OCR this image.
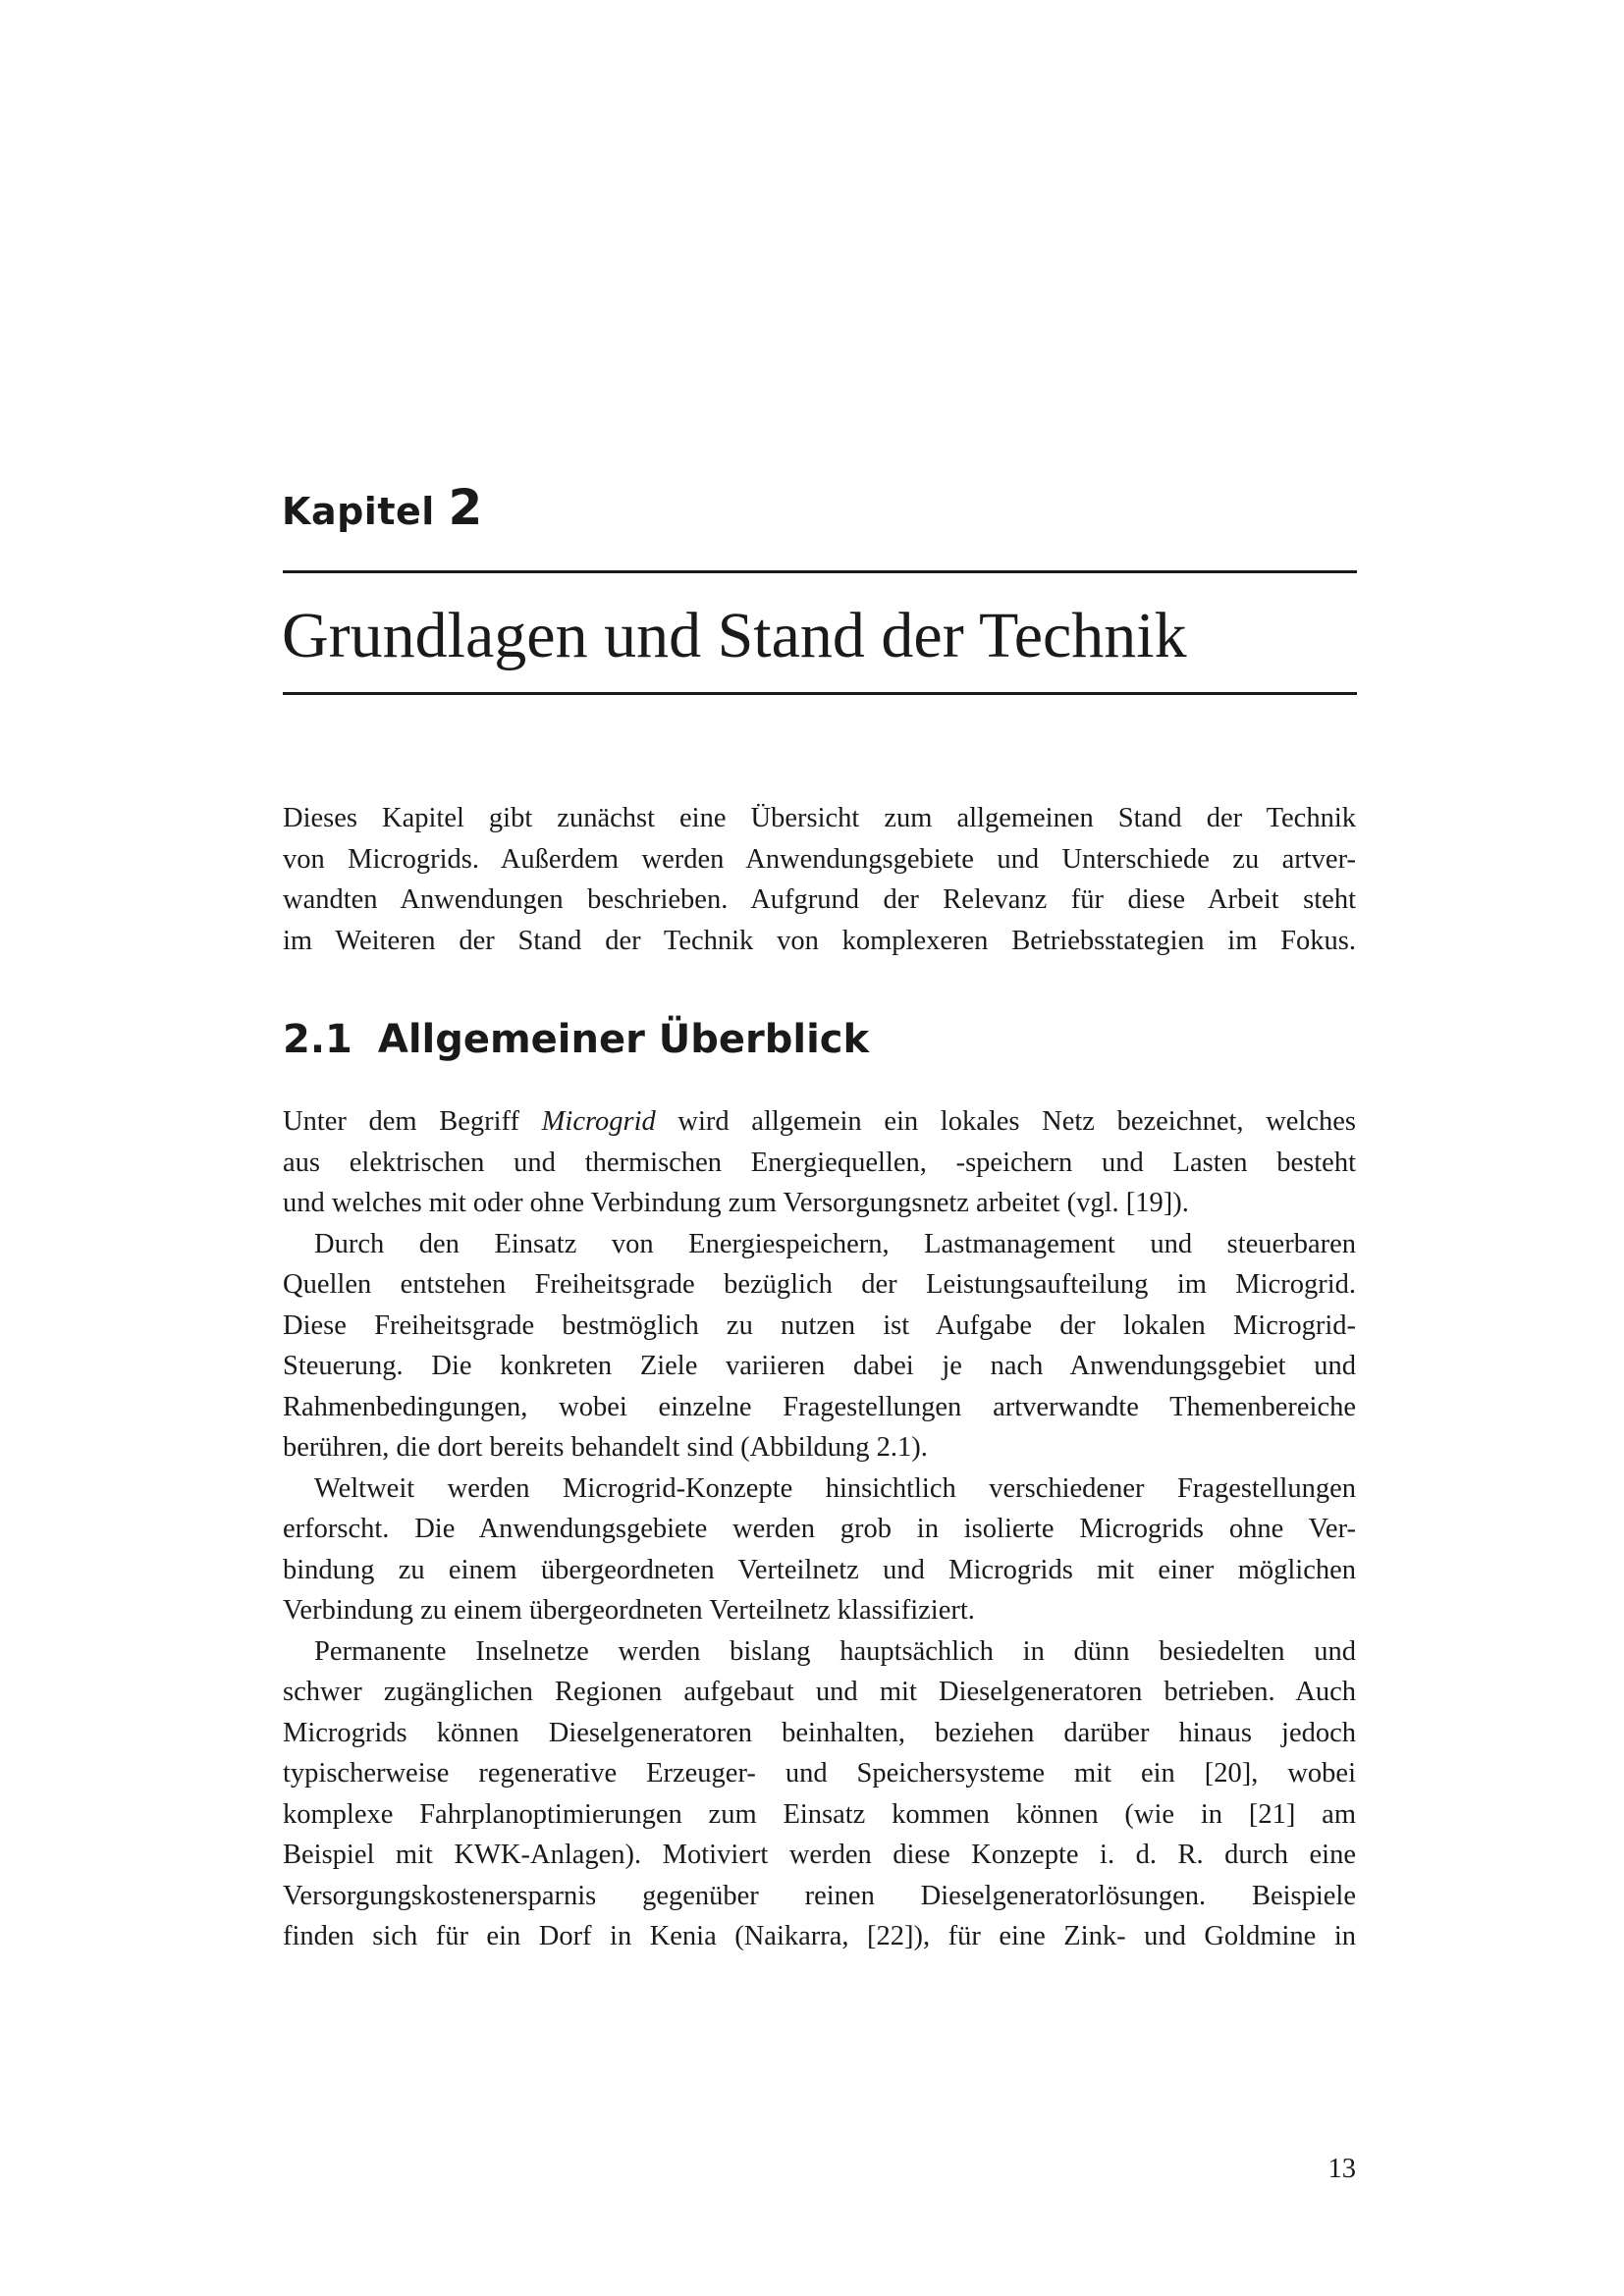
Kapitel 2
Grundlagen und Stand der Technik
Dieses Kapitel gibt zunächst eine Übersicht zum allgemeinen Stand der Technik
von Microgrids. Außerdem werden Anwendungsgebiete und Unterschiede zu artver-
wandten Anwendungen beschrieben. Aufgrund der Relevanz für diese Arbeit steht
im Weiteren der Stand der Technik von komplexeren Betriebsstategien im Fokus.
2.1 Allgemeiner Überblick
Unter dem Begriff Microgrid wird allgemein ein lokales Netz bezeichnet, welches
aus elektrischen und thermischen Energiequellen, -speichern und Lasten besteht
und welches mit oder ohne Verbindung zum Versorgungsnetz arbeitet (vgl. [19]).
Durch den Einsatz von Energiespeichern, Lastmanagement und steuerbaren
Quellen entstehen Freiheitsgrade bezüglich der Leistungsaufteilung im Microgrid.
Diese Freiheitsgrade bestmöglich zu nutzen ist Aufgabe der lokalen Microgrid-
Steuerung. Die konkreten Ziele variieren dabei je nach Anwendungsgebiet und
Rahmenbedingungen, wobei einzelne Fragestellungen artverwandte Themenbereiche
berühren, die dort bereits behandelt sind (Abbildung 2.1).
Weltweit werden Microgrid-Konzepte hinsichtlich verschiedener Fragestellungen
erforscht. Die Anwendungsgebiete werden grob in isolierte Microgrids ohne Ver-
bindung zu einem übergeordneten Verteilnetz und Microgrids mit einer möglichen
Verbindung zu einem übergeordneten Verteilnetz klassifiziert.
Permanente Inselnetze werden bislang hauptsächlich in dünn besiedelten und
schwer zugänglichen Regionen aufgebaut und mit Dieselgeneratoren betrieben. Auch
Microgrids können Dieselgeneratoren beinhalten, beziehen darüber hinaus jedoch
typischerweise regenerative Erzeuger- und Speichersysteme mit ein [20], wobei
komplexe Fahrplanoptimierungen zum Einsatz kommen können (wie in [21] am
Beispiel mit KWK-Anlagen). Motiviert werden diese Konzepte i. d. R. durch eine
Versorgungskostenersparnis gegenüber reinen Dieselgeneratorlösungen. Beispiele
finden sich für ein Dorf in Kenia (Naikarra, [22]), für eine Zink- und Goldmine in
13
